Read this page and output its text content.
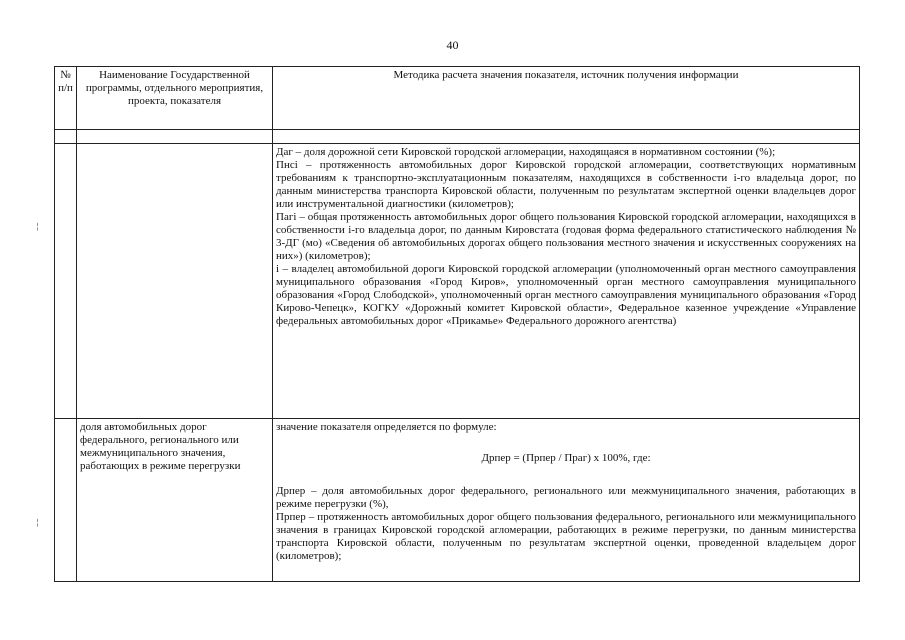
40
¦
¦
№ п/п	Наименование Государственной программы, отдельного мероприятия, проекта, показателя	Методика расчета значения показателя, источник получения информации

		Даг – доля дорожной сети Кировской городской агломерации, находящаяся в нормативном состоянии (%);

Пнсi – протяженность автомобильных дорог Кировской городской агломерации, соответствующих нормативным требованиям к транспортно-эксплуатационным показателям, находящихся в собственности i-го владельца дорог, по данным министерства транспорта Кировской области, полученным по результатам экспертной оценки владельцев дорог или инструментальной диагностики (километров);

Пагi – общая протяженность автомобильных дорог общего пользования Кировской городской агломерации, находящихся в собственности i-го владельца дорог, по данным Кировстата (годовая форма федерального статистического наблюдения № 3-ДГ (мо) «Сведения об автомобильных дорогах общего пользования местного значения и искусственных сооружениях на них») (километров);

i – владелец автомобильной дороги Кировской городской агломерации (уполномоченный орган местного самоуправления муниципального образования «Город Киров», уполномоченный орган местного самоуправления муниципального образования «Город Слободской», уполномоченный орган местного самоуправления муниципального образования «Город Кирово-Чепецк», КОГКУ «Дорожный комитет Кировской области», Федеральное казенное учреждение «Управление федеральных автомобильных дорог «Прикамье» Федерального дорожного агентства)

	доля автомобильных дорог федерального, регионального или межмуниципального значения, работающих в режиме перегрузки	значение показателя определяется по формуле:

Дрпер = (Прпер / Праг) х 100%, где:

Дрпер – доля автомобильных дорог федерального, регионального или межмуниципального значения, работающих в режиме перегрузки (%),

Прпер – протяженность автомобильных дорог общего пользования федерального, регионального или межмуниципального значения в границах Кировской городской агломерации, работающих в режиме перегрузки, по данным министерства транспорта Кировской области, полученным по результатам экспертной оценки, проведенной владельцем дорог (километров);
